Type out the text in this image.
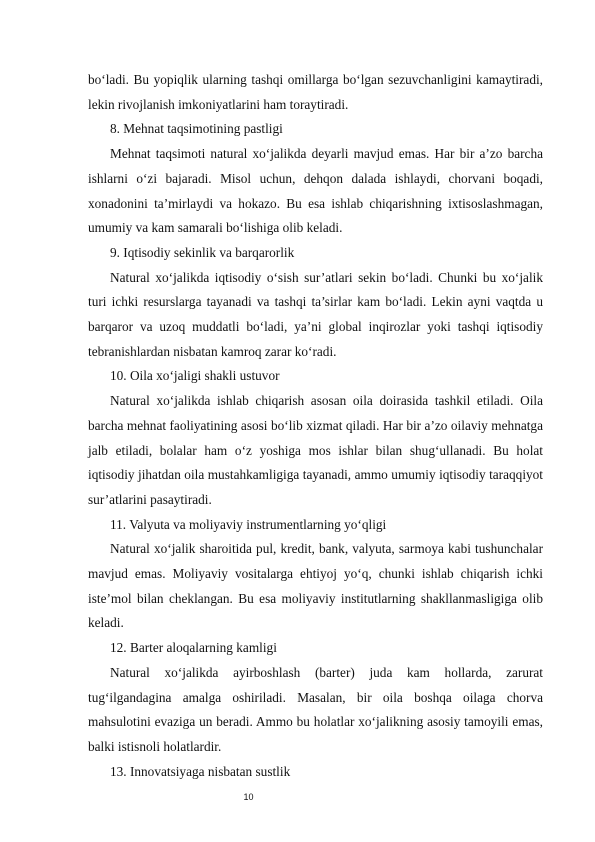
bo‘ladi. Bu yopiqlik ularning tashqi omillarga bo‘lgan sezuvchanligini kamaytiradi, lekin rivojlanish imkoniyatlarini ham toraytiradi.

8. Mehnat taqsimotining pastligi

Mehnat taqsimoti natural xo‘jalikda deyarli mavjud emas. Har bir a’zo barcha ishlarni o‘zi bajaradi. Misol uchun, dehqon dalada ishlaydi, chorvani boqadi, xonadonini ta’mirlaydi va hokazo. Bu esa ishlab chiqarishning ixtisoslashmagan, umumiy va kam samarali bo‘lishiga olib keladi.

9. Iqtisodiy sekinlik va barqarorlik

Natural xo‘jalikda iqtisodiy o‘sish sur’atlari sekin bo‘ladi. Chunki bu xo‘jalik turi ichki resurslarga tayanadi va tashqi ta’sirlar kam bo‘ladi. Lekin ayni vaqtda u barqaror va uzoq muddatli bo‘ladi, ya’ni global inqirozlar yoki tashqi iqtisodiy tebranishlardan nisbatan kamroq zarar ko‘radi.

10. Oila xo‘jaligi shakli ustuvor

Natural xo‘jalikda ishlab chiqarish asosan oila doirasida tashkil etiladi. Oila barcha mehnat faoliyatining asosi bo‘lib xizmat qiladi. Har bir a’zo oilaviy mehnatga jalb etiladi, bolalar ham o‘z yoshiga mos ishlar bilan shug‘ullanadi. Bu holat iqtisodiy jihatdan oila mustahkamligiga tayanadi, ammo umumiy iqtisodiy taraqqiyot sur’atlarini pasaytiradi.

11. Valyuta va moliyaviy instrumentlarning yo‘qligi

Natural xo‘jalik sharoitida pul, kredit, bank, valyuta, sarmoya kabi tushunchalar mavjud emas. Moliyaviy vositalarga ehtiyoj yo‘q, chunki ishlab chiqarish ichki iste’mol bilan cheklangan. Bu esa moliyaviy institutlarning shakllanmasligiga olib keladi.

12. Barter aloqalarning kamligi

Natural xo‘jalikda ayirboshlash (barter) juda kam hollarda, zarurat tug‘ilgandagina amalga oshiriladi. Masalan, bir oila boshqa oilaga chorva mahsulotini evaziga un beradi. Ammo bu holatlar xo‘jalikning asosiy tamoyili emas, balki istisnoli holatlardir.

13. Innovatsiyaga nisbatan sustlik

10
